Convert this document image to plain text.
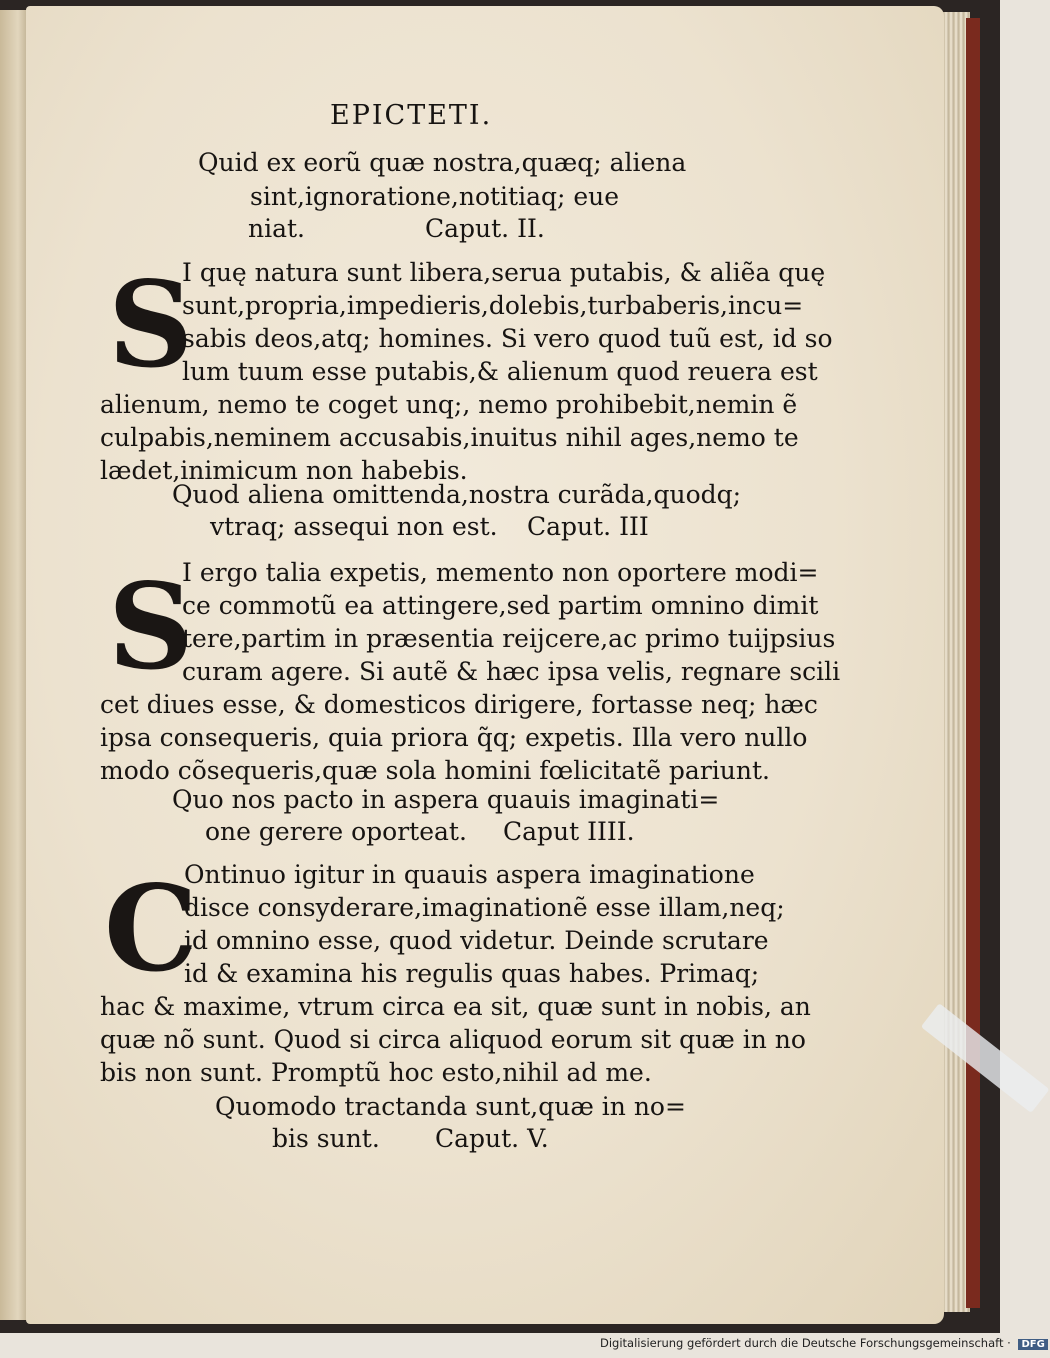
EPICTETI.
Quid ex eorũ quæ nostra,quæq; aliena
sint,ignoratione,notitiaq; eue
niat.	Caput. II.
S
I quę natura sunt libera,serua putabis, & aliẽa quę
sunt,propria,impedieris,dolebis,turbaberis,incu=
sabis deos,atq; homines. Si vero quod tuũ est, id so
lum tuum esse putabis,& alienum quod reuera est
alienum, nemo te coget unq;, nemo prohibebit,nemin ẽ
culpabis,neminem accusabis,inuitus nihil ages,nemo te
lædet,inimicum non habebis.
Quod aliena omittenda,nostra curãda,quodq;
vtraq; assequi non est. Caput. III
S
I ergo talia expetis, memento non oportere modi=
ce commotũ ea attingere,sed partim omnino dimit
tere,partim in præsentia reijcere,ac primo tuijpsius
curam agere. Si autẽ & hæc ipsa velis, regnare scili
cet diues esse, & domesticos dirigere, fortasse neq; hæc
ipsa consequeris, quia priora q̃q; expetis. Illa vero nullo
modo cõsequeris,quæ sola homini fœlicitatẽ pariunt.
Quo nos pacto in aspera quauis imaginati=
one gerere oporteat. Caput IIII.
C
Ontinuo igitur in quauis aspera imaginatione
disce consyderare,imaginationẽ esse illam,neq;
id omnino esse, quod videtur. Deinde scrutare
id & examina his regulis quas habes. Primaq;
hac & maxime, vtrum circa ea sit, quæ sunt in nobis, an
quæ nõ sunt. Quod si circa aliquod eorum sit quæ in no
bis non sunt. Promptũ hoc esto,nihil ad me.
Quomodo tractanda sunt,quæ in no=
bis sunt. Caput. V.
Digitalisierung gefördert durch die Deutsche Forschungsgemeinschaft · DFG
